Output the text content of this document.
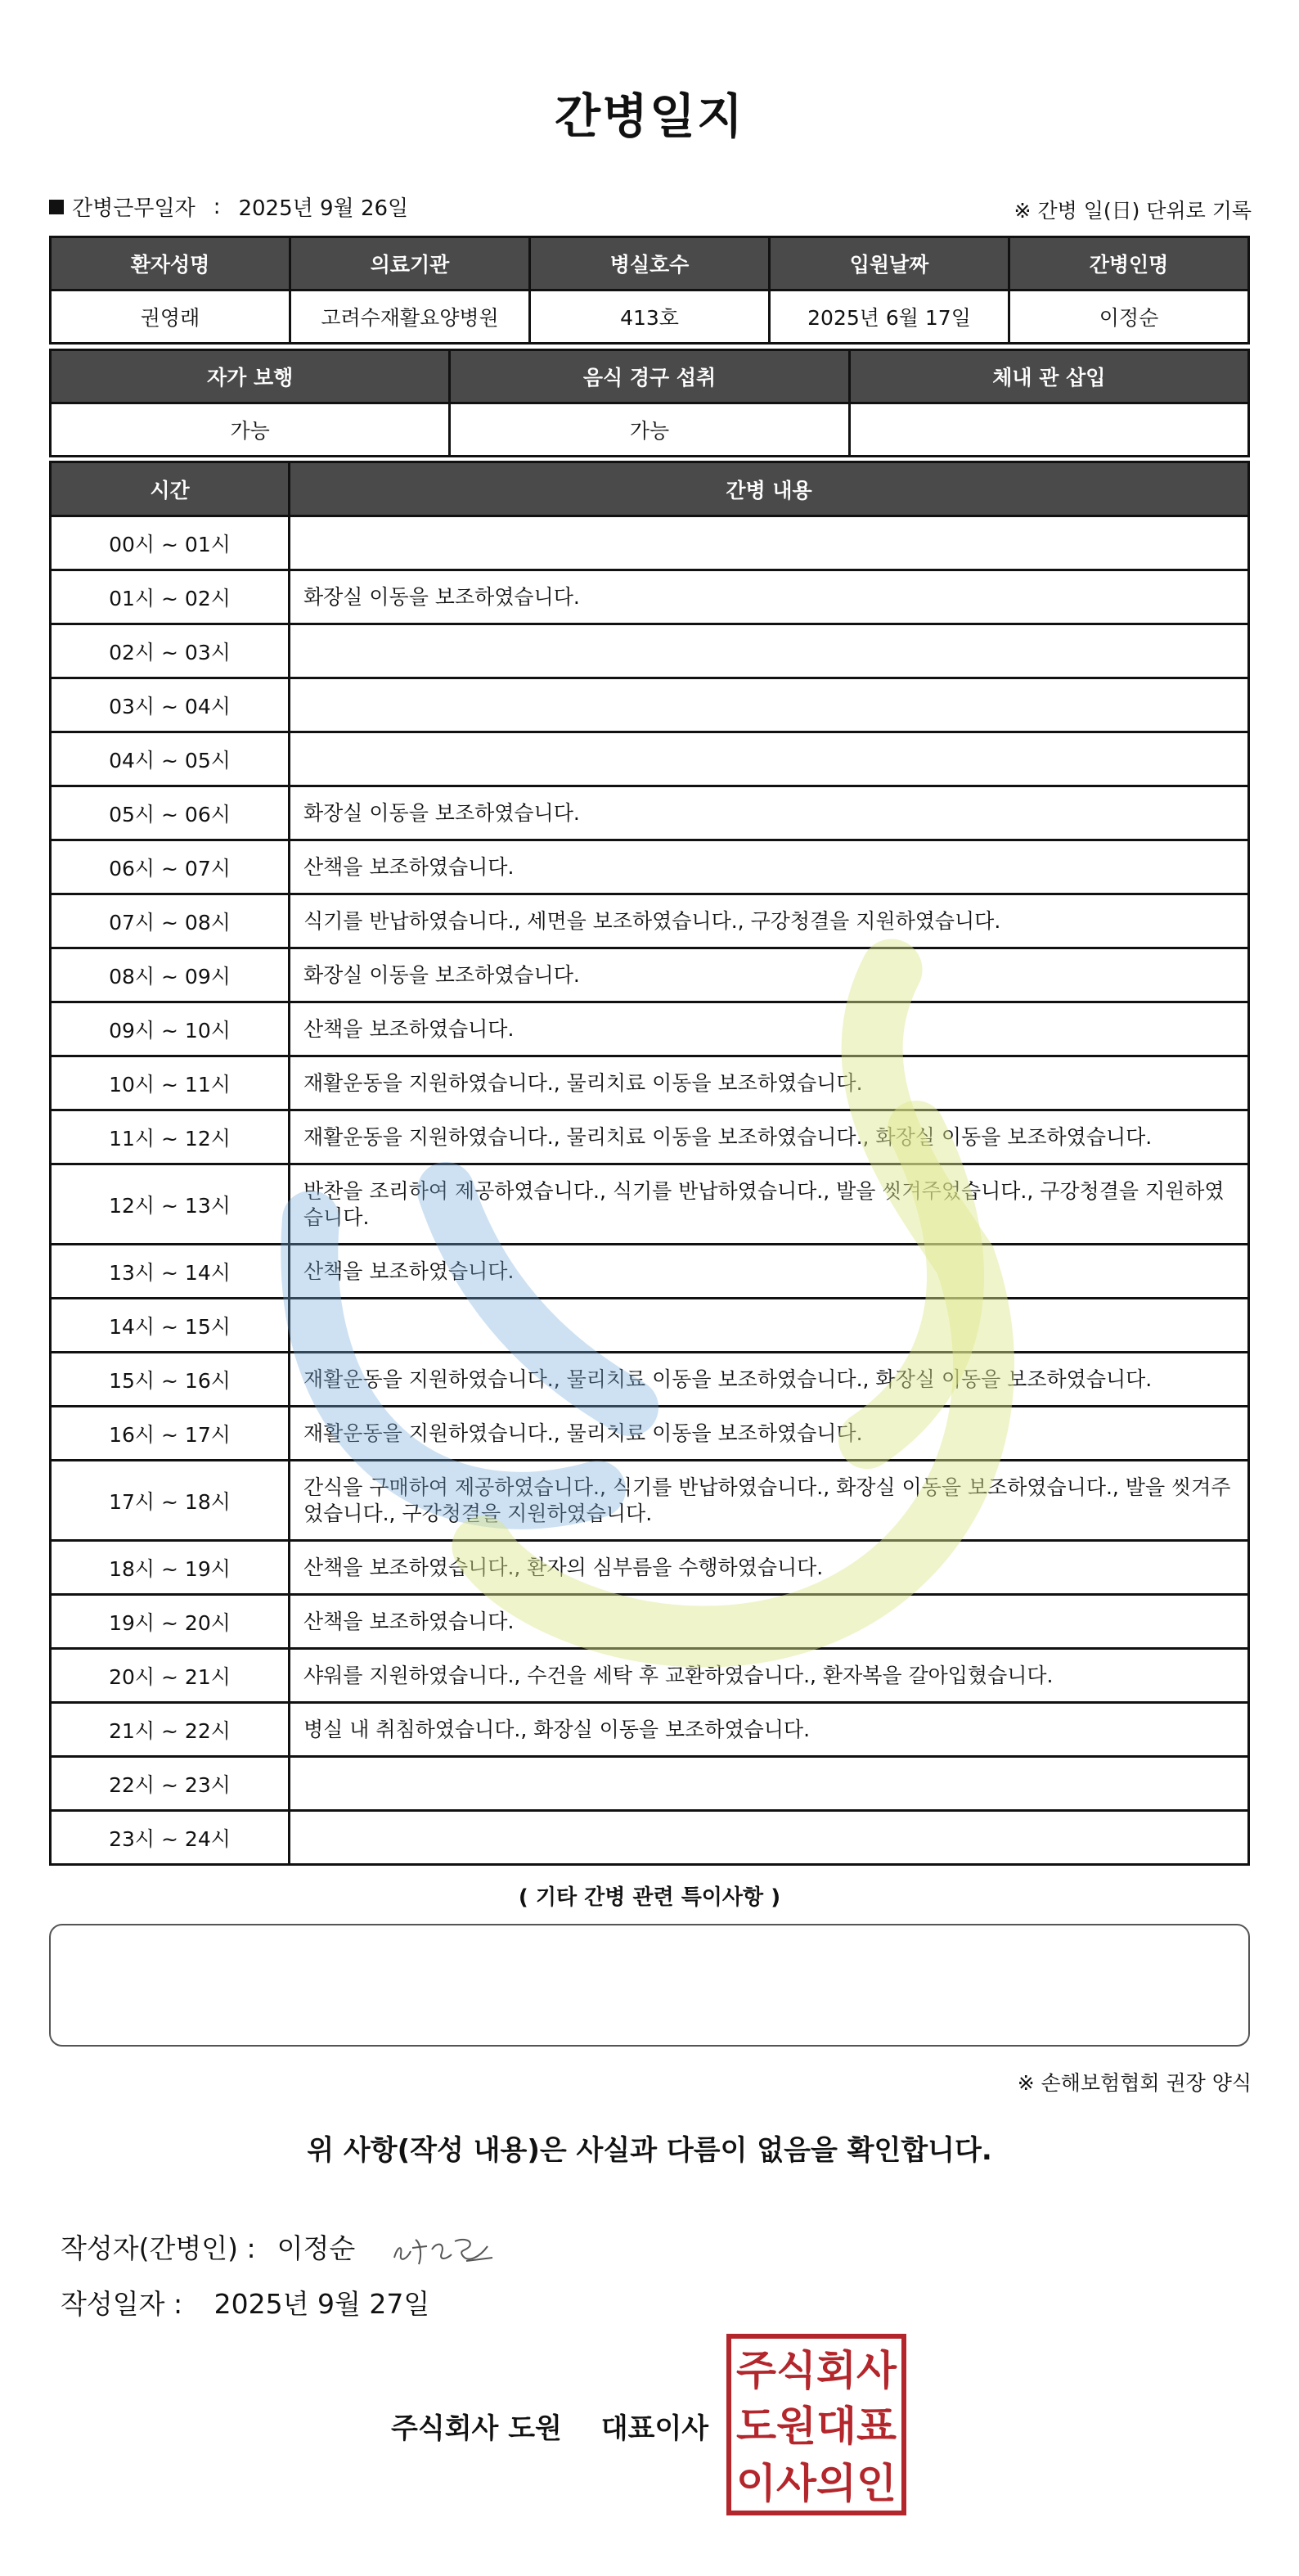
간병일지
간병근무일자 : 2025년 9월 26일	※ 간병 일(日) 단위로 기록
환자성명	의료기관	병실호수	입원날짜	간병인명
권영래	고려수재활요양병원	413호	2025년 6월 17일	이정순
자가 보행	음식 경구 섭취	체내 관 삽입
가능	가능	
시간	간병 내용
00시 ~ 01시	
01시 ~ 02시	화장실 이동을 보조하였습니다.
02시 ~ 03시	
03시 ~ 04시	
04시 ~ 05시	
05시 ~ 06시	화장실 이동을 보조하였습니다.
06시 ~ 07시	산책을 보조하였습니다.
07시 ~ 08시	식기를 반납하였습니다., 세면을 보조하였습니다., 구강청결을 지원하였습니다.
08시 ~ 09시	화장실 이동을 보조하였습니다.
09시 ~ 10시	산책을 보조하였습니다.
10시 ~ 11시	재활운동을 지원하였습니다., 물리치료 이동을 보조하였습니다.
11시 ~ 12시	재활운동을 지원하였습니다., 물리치료 이동을 보조하였습니다., 화장실 이동을 보조하였습니다.
12시 ~ 13시	반찬을 조리하여 제공하였습니다., 식기를 반납하였습니다., 발을 씻겨주었습니다., 구강청결을 지원하였습니다.
13시 ~ 14시	산책을 보조하였습니다.
14시 ~ 15시	
15시 ~ 16시	재활운동을 지원하였습니다., 물리치료 이동을 보조하였습니다., 화장실 이동을 보조하였습니다.
16시 ~ 17시	재활운동을 지원하였습니다., 물리치료 이동을 보조하였습니다.
17시 ~ 18시	간식을 구매하여 제공하였습니다., 식기를 반납하였습니다., 화장실 이동을 보조하였습니다., 발을 씻겨주었습니다., 구강청결을 지원하였습니다.
18시 ~ 19시	산책을 보조하였습니다., 환자의 심부름을 수행하였습니다.
19시 ~ 20시	산책을 보조하였습니다.
20시 ~ 21시	샤워를 지원하였습니다., 수건을 세탁 후 교환하였습니다., 환자복을 갈아입혔습니다.
21시 ~ 22시	병실 내 취침하였습니다., 화장실 이동을 보조하였습니다.
22시 ~ 23시	
23시 ~ 24시	
( 기타 간병 관련 특이사항 )
※ 손해보험협회 권장 양식
위 사항(작성 내용)은 사실과 다름이 없음을 확인합니다.
작성자(간병인) : 이정순
작성일자 : 2025년 9월 27일
주식회사 도원 대표이사
주식회사
도원대표
이사의인
